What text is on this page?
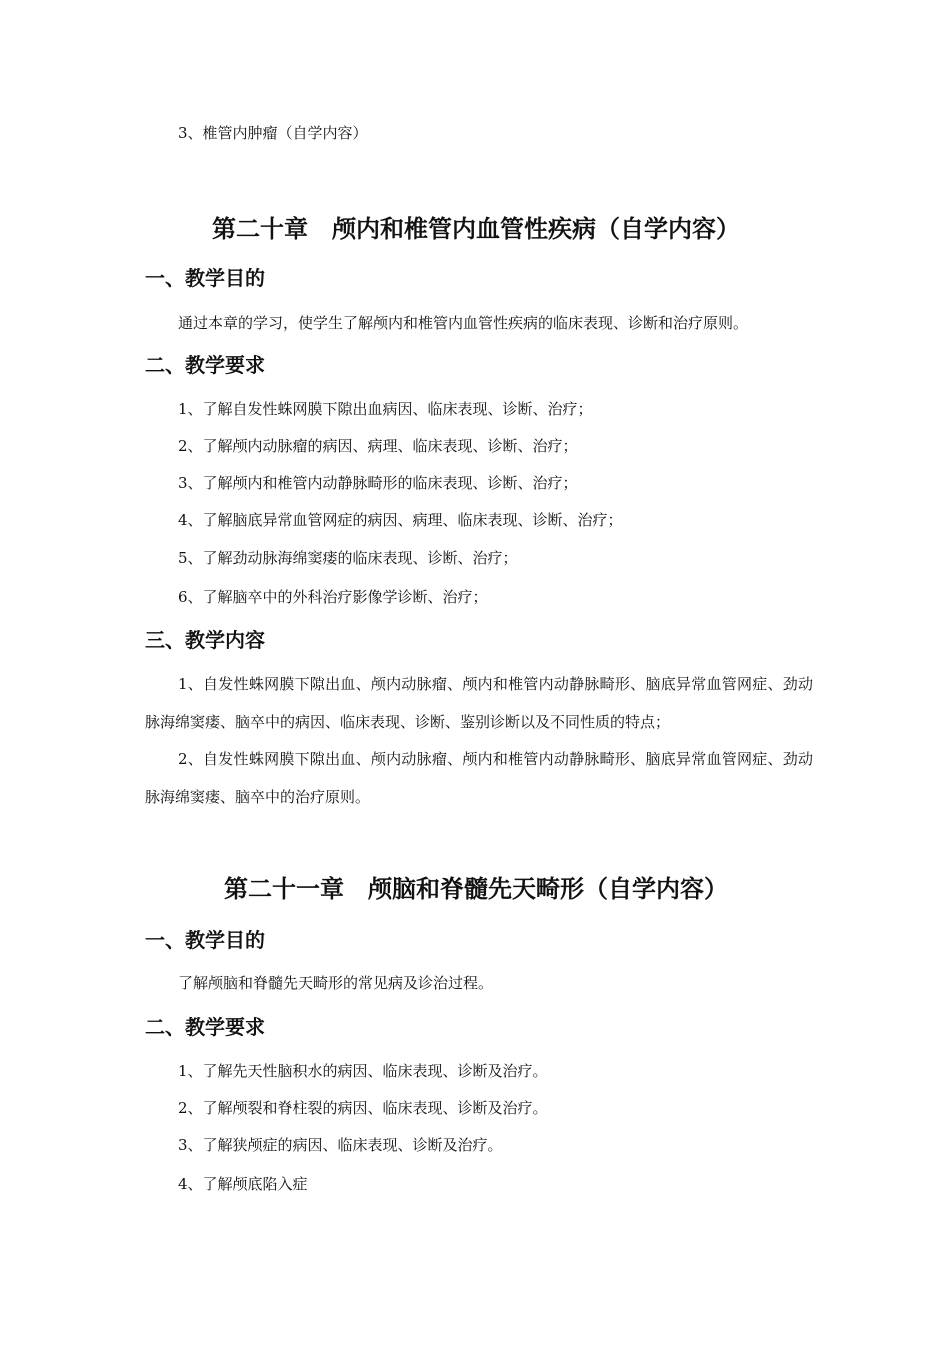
3、椎管内肿瘤（自学内容）
第二十章　颅内和椎管内血管性疾病（自学内容）
一、教学目的
通过本章的学习，使学生了解颅内和椎管内血管性疾病的临床表现、诊断和治疗原则。
二、教学要求
1、了解自发性蛛网膜下隙出血病因、临床表现、诊断、治疗；
2、了解颅内动脉瘤的病因、病理、临床表现、诊断、治疗；
3、了解颅内和椎管内动静脉畸形的临床表现、诊断、治疗；
4、了解脑底异常血管网症的病因、病理、临床表现、诊断、治疗；
5、了解劲动脉海绵窦瘘的临床表现、诊断、治疗；
6、了解脑卒中的外科治疗影像学诊断、治疗；
三、教学内容
1、自发性蛛网膜下隙出血、颅内动脉瘤、颅内和椎管内动静脉畸形、脑底异常血管网症、劲动脉海绵窦瘘、脑卒中的病因、临床表现、诊断、鉴别诊断以及不同性质的特点；
2、自发性蛛网膜下隙出血、颅内动脉瘤、颅内和椎管内动静脉畸形、脑底异常血管网症、劲动脉海绵窦瘘、脑卒中的治疗原则。
第二十一章　颅脑和脊髓先天畸形（自学内容）
一、教学目的
了解颅脑和脊髓先天畸形的常见病及诊治过程。
二、教学要求
1、了解先天性脑积水的病因、临床表现、诊断及治疗。
2、了解颅裂和脊柱裂的病因、临床表现、诊断及治疗。
3、了解狭颅症的病因、临床表现、诊断及治疗。
4、了解颅底陷入症
